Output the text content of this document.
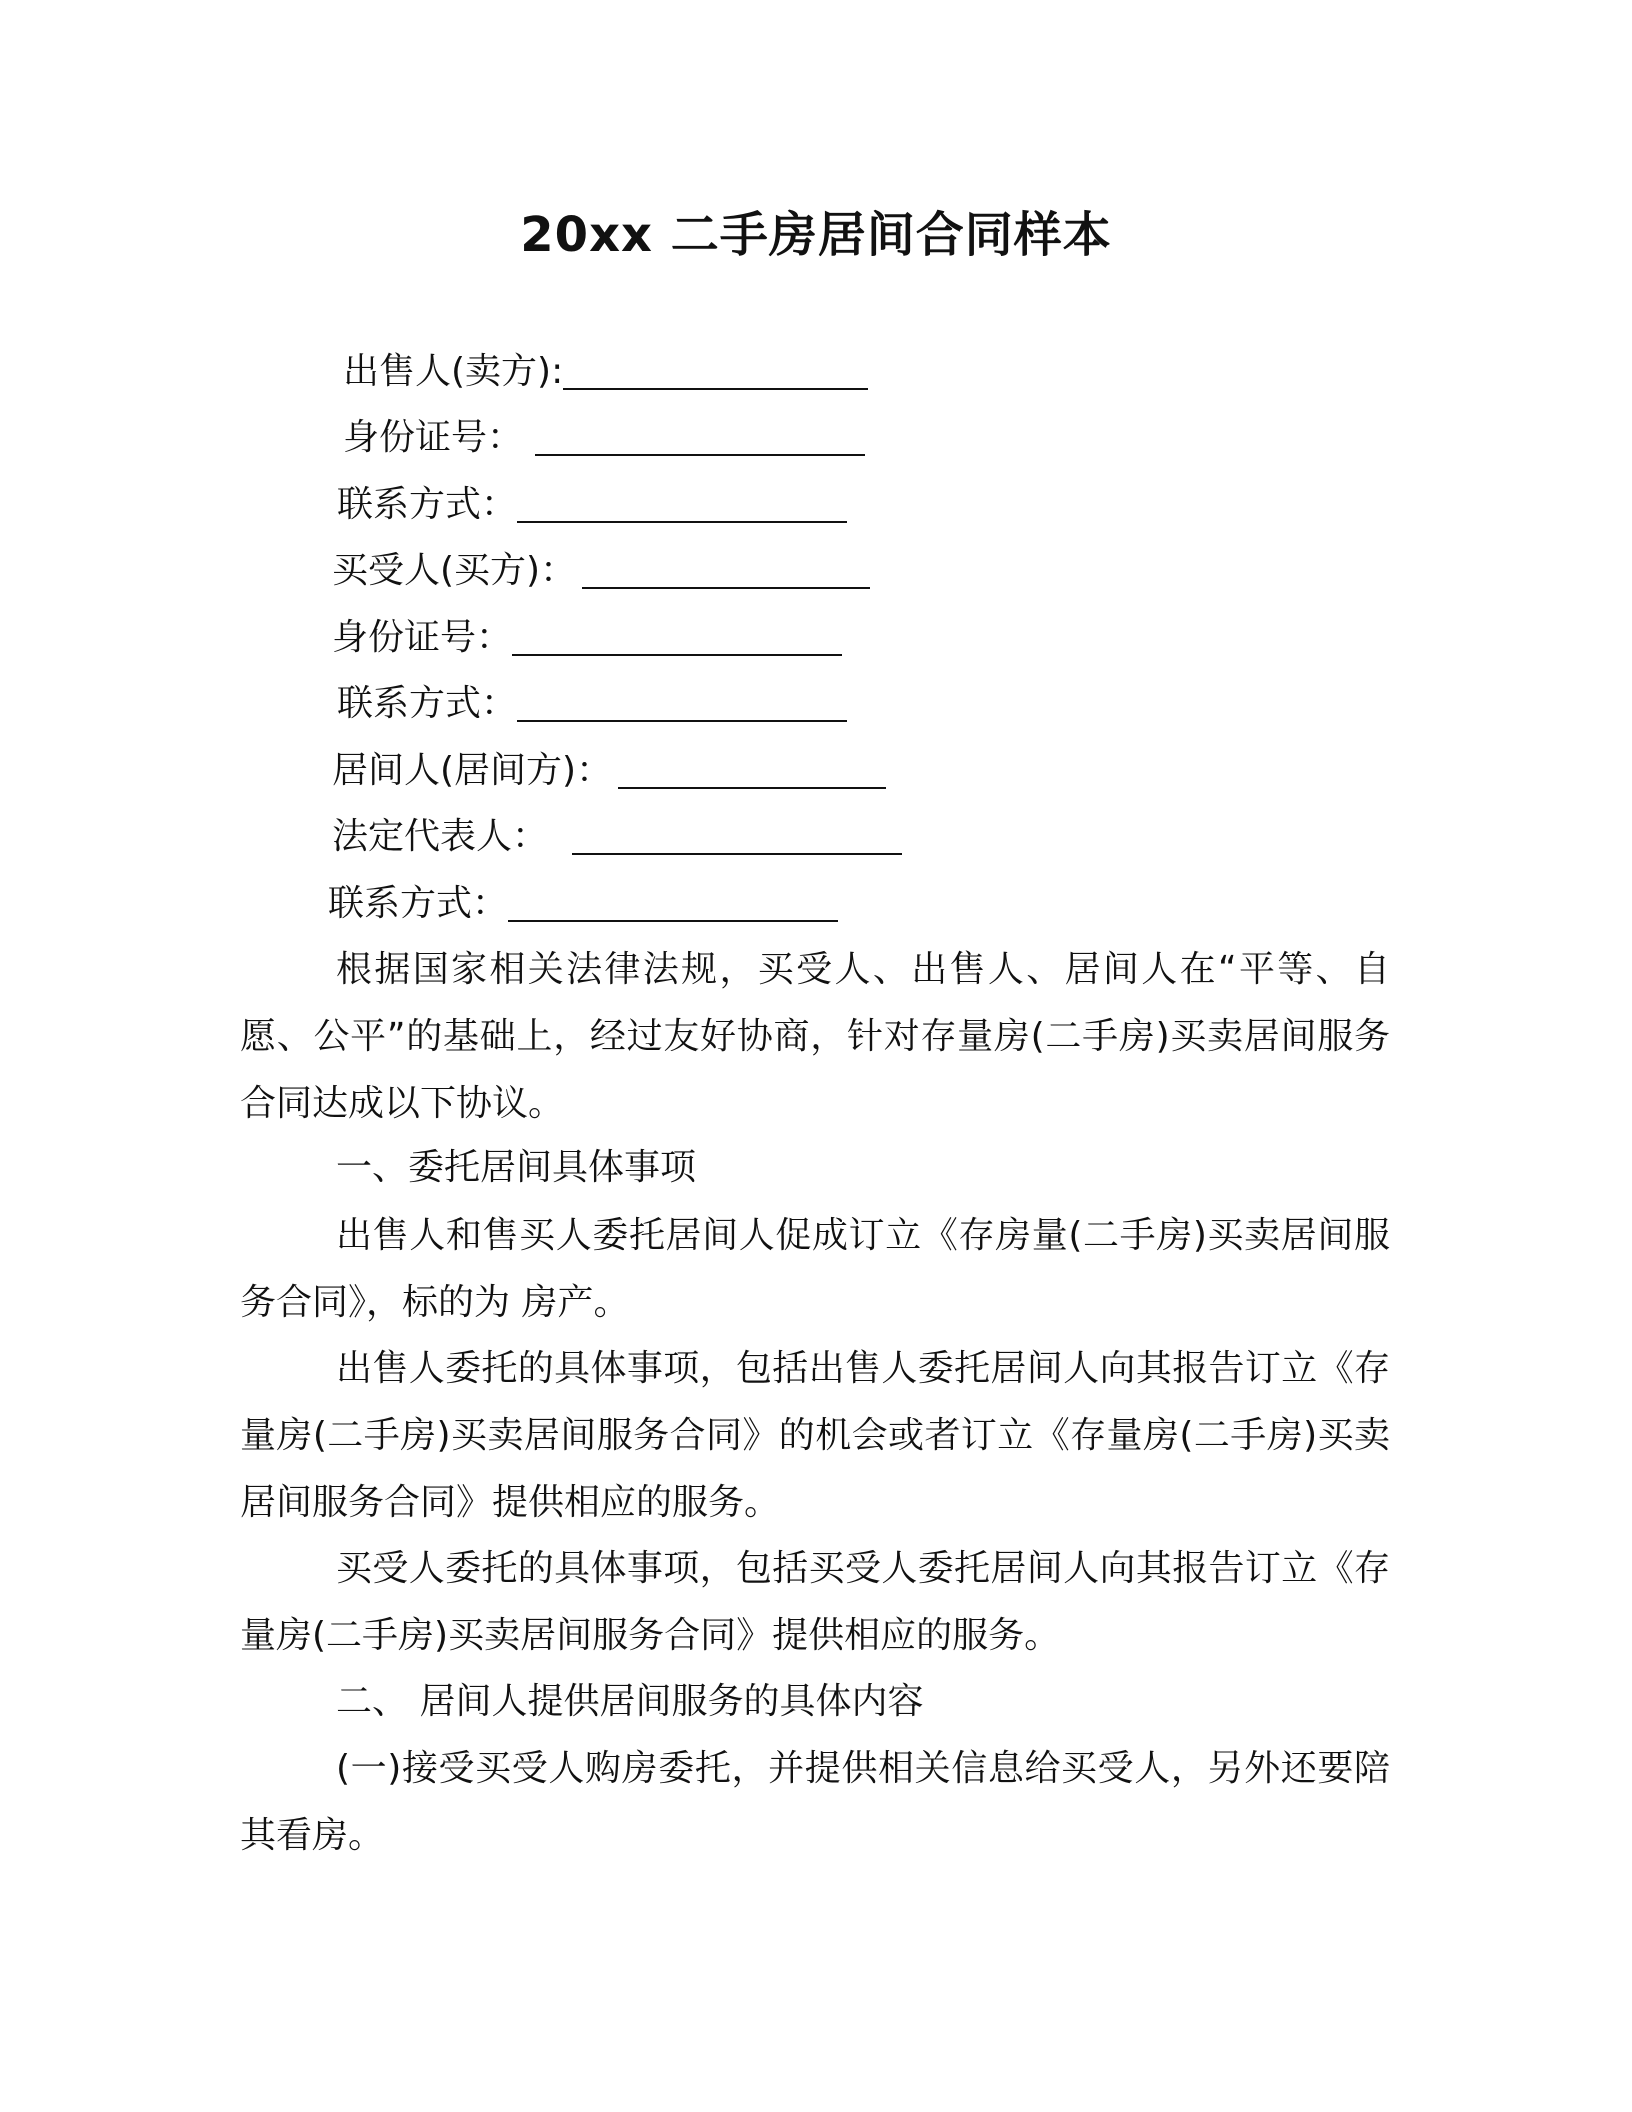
20xx 二手房居间合同样本
出售人(卖方):
身份证号：
联系方式：
买受人(买方)：
身份证号：
联系方式：
居间人(居间方)：
法定代表人：
联系方式：
根据国家相关法律法规，买受人、出售人、居间人在“平等、自愿、公平”的基础上，经过友好协商，针对存量房(二手房)买卖居间服务合同达成以下协议。
一、委托居间具体事项
出售人和售买人委托居间人促成订立《存房量(二手房)买卖居间服务合同》，标的为 房产。
出售人委托的具体事项，包括出售人委托居间人向其报告订立《存量房(二手房)买卖居间服务合同》的机会或者订立《存量房(二手房)买卖居间服务合同》提供相应的服务。
买受人委托的具体事项，包括买受人委托居间人向其报告订立《存量房(二手房)买卖居间服务合同》提供相应的服务。
二、 居间人提供居间服务的具体内容
(一)接受买受人购房委托，并提供相关信息给买受人，另外还要陪其看房。
